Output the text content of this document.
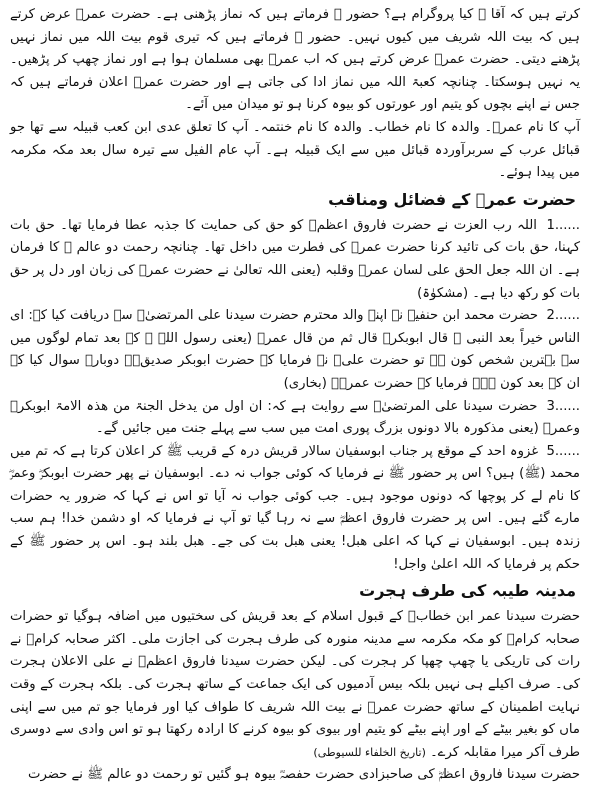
کرتے ہیں کہ آقا ﷺ کیا پروگرام ہے؟ حضور ﷺ فرماتے ہیں کہ نماز پڑھنی ہے۔ حضرت عمرؓ عرض کرتے ہیں کہ بیت اللہ شریف میں کیوں نہیں۔ حضور ﷺ فرماتے ہیں کہ تیری قوم بیت اللہ میں نماز نہیں پڑھنے دیتی۔ حضرت عمرؓ عرض کرتے ہیں کہ اب عمرؓ بھی مسلمان ہوا ہے اور نماز چھپ کر پڑھیں۔ یہ نہیں ہوسکتا۔ چنانچہ کعبۃ اللہ میں نماز ادا کی جاتی ہے اور حضرت عمرؓ اعلان فرماتے ہیں کہ جس نے اپنے بچوں کو یتیم اور عورتوں کو بیوہ کرنا ہو تو میدان میں آئے۔

آپ کا نام عمرؓ۔ والدہ کا نام خطاب۔ والدہ کا نام خنتمہ۔ آپ کا تعلق عدی ابن کعب قبیلہ سے تھا جو قبائل عرب کے سربرآوردہ قبائل میں سے ایک قبیلہ ہے۔ آپ عام الفیل سے تیرہ سال بعد مکہ مکرمہ میں پیدا ہوئے۔

حضرت عمرؓ کے فضائل ومناقب

1...... اللہ رب العزت نے حضرت فاروق اعظمؓ کو حق کی حمایت کا جذبہ عطا فرمایا تھا۔ حق بات کہنا، حق بات کی تائید کرنا حضرت عمرؓ کی فطرت میں داخل تھا۔ چنانچہ رحمت دو عالم ﷺ کا فرمان ہے۔ ان اللہ جعل الحق علی لسان عمرؓ وقلبہ (یعنی اللہ تعالیٰ نے حضرت عمرؓ کی زبان اور دل پر حق بات کو رکھ دیا ہے۔ (مشکوٰۃ)

2...... حضرت محمد ابن حنفیہ نے اپنے والد محترم حضرت سیدنا علی المرتضیٰؓ سے دریافت کیا کہ: ای الناس خیراً بعد النبی ﷺ قال ابوبکرؓ قال ثم من قال عمرؓ (یعنی رسول اللہ ﷺ کے بعد تمام لوگوں میں سے بہترین شخص کون ہے تو حضرت علیؓ نے فرمایا کہ حضرت ابوبکر صدیقؓ۔ دوبارہ سوال کیا کہ ان کے بعد کون ہے۔ فرمایا کہ حضرت عمرؓ۔ (بخاری)

3...... حضرت سیدنا علی المرتضیٰؓ سے روایت ہے کہ: ان اول من یدخل الجنۃ من ھذہ الامۃ ابوبکرؓ وعمرؓ (یعنی مذکورہ بالا دونوں بزرگ پوری امت میں سب سے پہلے جنت میں جائیں گے۔

5...... غزوہ احد کے موقع پر جناب ابوسفیان سالار قریش درہ کے قریب ﷺ کر اعلان کرتا ہے کہ تم میں محمد (ﷺ) ہیں؟ اس پر حضور ﷺ نے فرمایا کہ کوئی جواب نہ دے۔ ابوسفیان نے پھر حضرت ابوبکرؓ وعمرؓ کا نام لے کر پوچھا کہ دونوں موجود ہیں۔ جب کوئی جواب نہ آیا تو اس نے کہا کہ ضرور یہ حضرات مارے گئے ہیں۔ اس پر حضرت فاروق اعظمؓ سے نہ رہا گیا تو آپ نے فرمایا کہ او دشمن خدا! ہم سب زندہ ہیں۔ ابوسفیان نے کہا کہ اعلی ھبل! یعنی ھبل بت کی جے۔ ھبل بلند ہو۔ اس پر حضور ﷺ کے حکم پر فرمایا کہ اللہ اعلیٰ واجل!

مدینہ طیبہ کی طرف ہجرت

حضرت سیدنا عمر ابن خطابؓ کے قبول اسلام کے بعد قریش کی سختیوں میں اضافہ ہوگیا تو حضرات صحابہ کرامؓ کو مکہ مکرمہ سے مدینہ منورہ کی طرف ہجرت کی اجازت ملی۔ اکثر صحابہ کرامؓ نے رات کی تاریکی یا چھپ چھپا کر ہجرت کی۔ لیکن حضرت سیدنا فاروق اعظمؓ نے علی الاعلان ہجرت کی۔ صرف اکیلے ہی نہیں بلکہ بیس آدمیوں کی ایک جماعت کے ساتھ ہجرت کی۔ بلکہ ہجرت کے وقت نہایت اطمینان کے ساتھ حضرت عمرؓ نے بیت اللہ شریف کا طواف کیا اور فرمایا جو تم میں سے اپنی ماں کو بغیر بیٹے کے اور اپنے بیٹے کو یتیم اور بیوی کو بیوہ کرنے کا ارادہ رکھتا ہو تو اس وادی سے دوسری طرف آکر میرا مقابلہ کرے۔ (تاریخ الخلفاء للسیوطی)

حضرت سیدنا فاروق اعظمؓ کی صاحبزادی حضرت حفصہؓ بیوہ ہو گئیں تو رحمت دو عالم ﷺ نے حضرت
